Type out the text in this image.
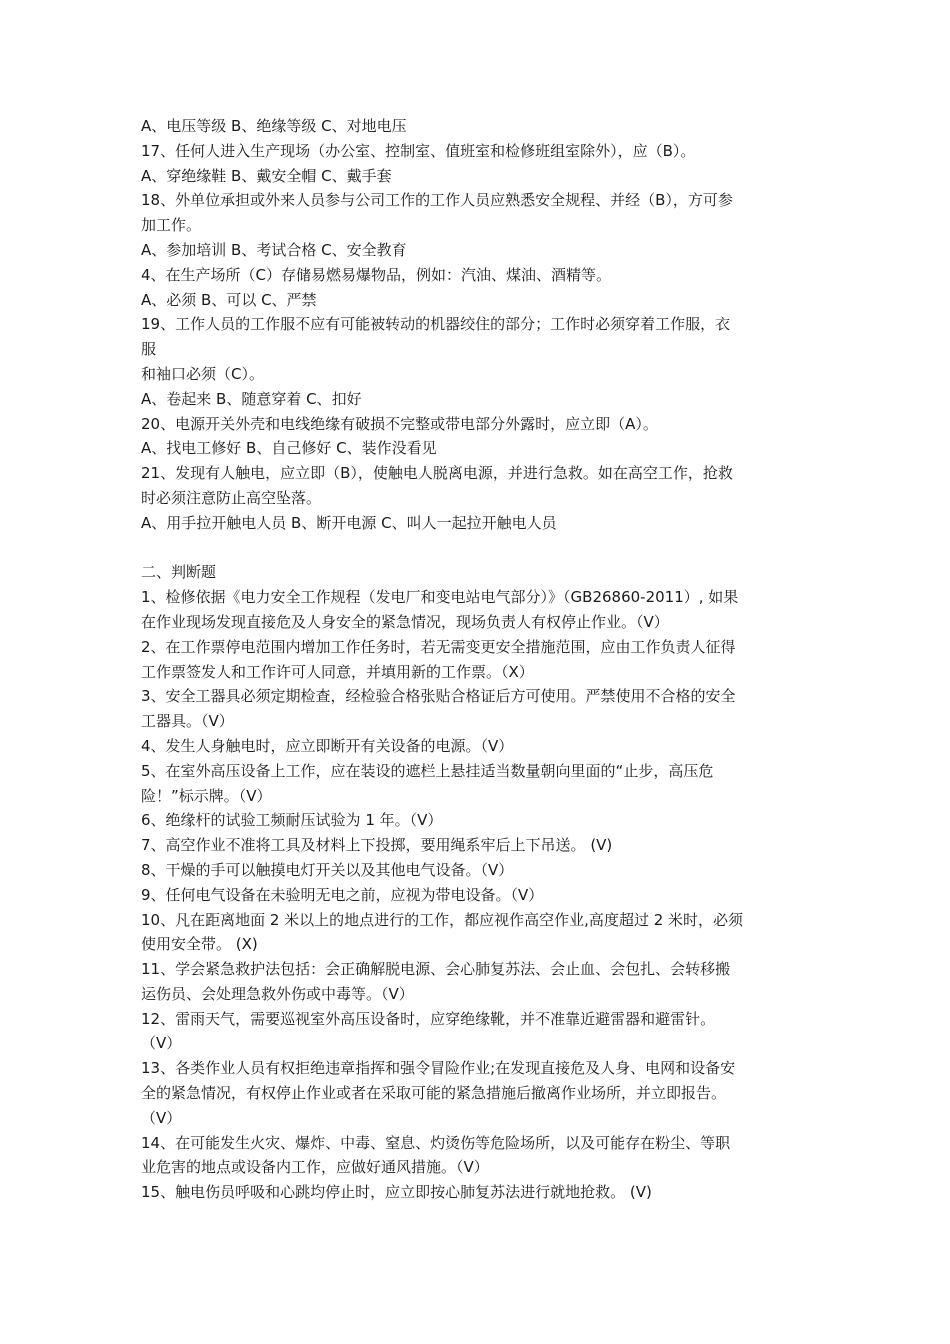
A、电压等级 B、绝缘等级 C、对地电压
17、任何人进入生产现场（办公室、控制室、值班室和检修班组室除外），应（B）。
A、穿绝缘鞋 B、戴安全帽 C、戴手套
18、外单位承担或外来人员参与公司工作的工作人员应熟悉安全规程、并经（B），方可参
加工作。
A、参加培训 B、考试合格 C、安全教育
4、在生产场所（C）存储易燃易爆物品，例如：汽油、煤油、酒精等。
A、必须 B、可以 C、严禁
19、工作人员的工作服不应有可能被转动的机器绞住的部分；工作时必须穿着工作服，衣
服
和袖口必须（C）。
A、卷起来 B、随意穿着 C、扣好
20、电源开关外壳和电线绝缘有破损不完整或带电部分外露时，应立即（A）。
A、找电工修好 B、自己修好 C、装作没看见
21、发现有人触电，应立即（B），使触电人脱离电源，并进行急救。如在高空工作，抢救
时必须注意防止高空坠落。
A、用手拉开触电人员 B、断开电源 C、叫人一起拉开触电人员
二、判断题
1、检修依据《电力安全工作规程（发电厂和变电站电气部分）》（GB26860-2011）, 如果
在作业现场发现直接危及人身安全的紧急情况，现场负责人有权停止作业。（V）
2、在工作票停电范围内增加工作任务时，若无需变更安全措施范围，应由工作负责人征得
工作票签发人和工作许可人同意，并填用新的工作票。（X）
3、安全工器具必须定期检查，经检验合格张贴合格证后方可使用。严禁使用不合格的安全
工器具。（V）
4、发生人身触电时，应立即断开有关设备的电源。（V）
5、在室外高压设备上工作，应在装设的遮栏上悬挂适当数量朝向里面的“止步，高压危
险！”标示牌。（V）
6、绝缘杆的试验工频耐压试验为 1 年。（V）
7、高空作业不准将工具及材料上下投掷，要用绳系牢后上下吊送。 (V)
8、干燥的手可以触摸电灯开关以及其他电气设备。（V）
9、任何电气设备在未验明无电之前，应视为带电设备。（V）
10、凡在距离地面 2 米以上的地点进行的工作，都应视作高空作业,高度超过 2 米时，必须
使用安全带。 (X)
11、学会紧急救护法包括：会正确解脱电源、会心肺复苏法、会止血、会包扎、会转移搬
运伤员、会处理急救外伤或中毒等。（V）
12、雷雨天气，需要巡视室外高压设备时，应穿绝缘靴，并不准靠近避雷器和避雷针。
（V）
13、各类作业人员有权拒绝违章指挥和强令冒险作业;在发现直接危及人身、电网和设备安
全的紧急情况，有权停止作业或者在采取可能的紧急措施后撤离作业场所，并立即报告。
（V）
14、在可能发生火灾、爆炸、中毒、窒息、灼烫伤等危险场所，以及可能存在粉尘、等职
业危害的地点或设备内工作，应做好通风措施。（V）
15、触电伤员呼吸和心跳均停止时，应立即按心肺复苏法进行就地抢救。 (V)
